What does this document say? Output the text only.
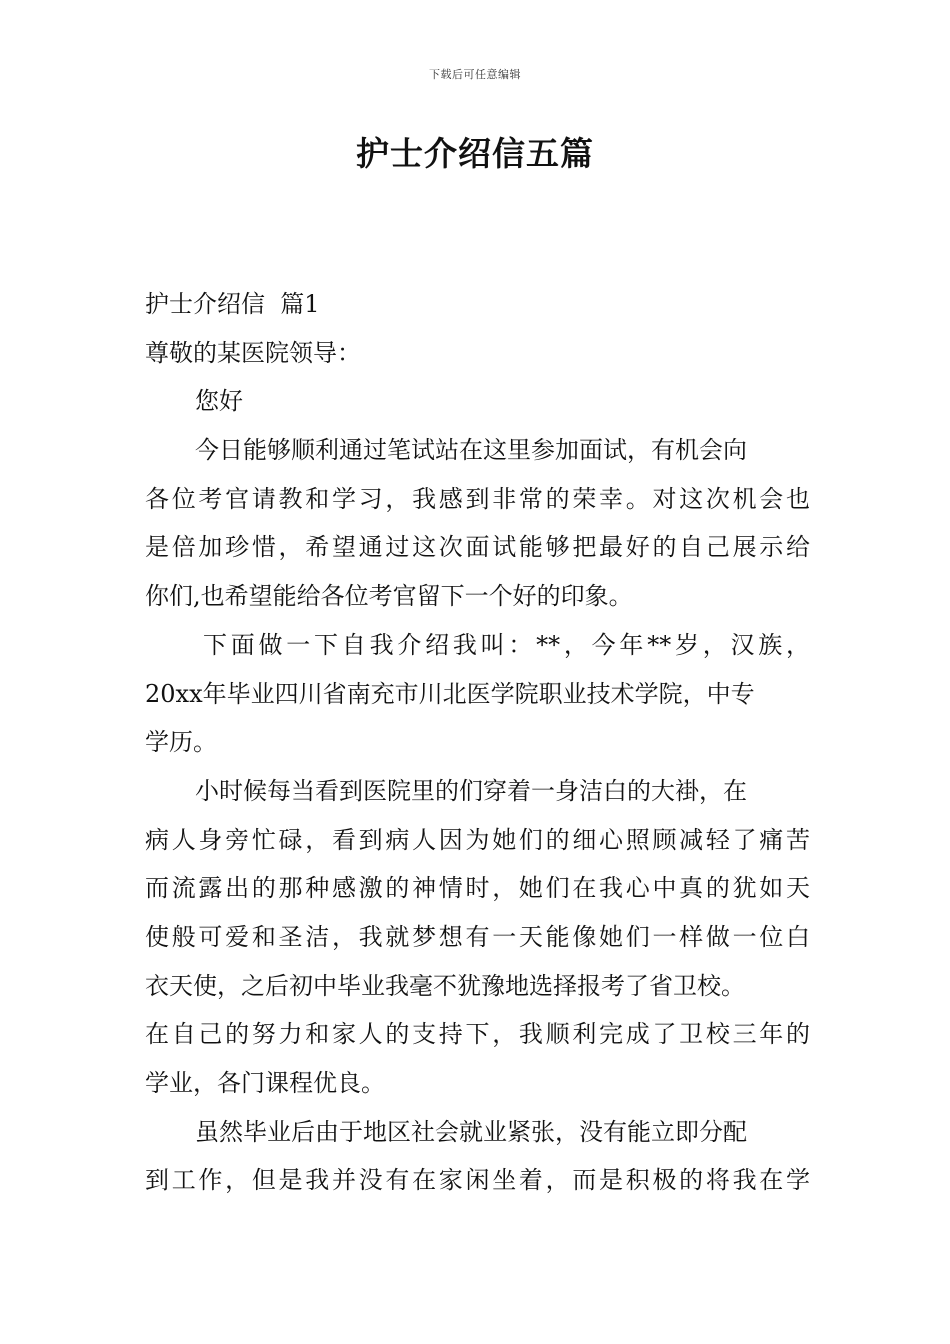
下载后可任意编辑
护士介绍信五篇
护士介绍信  篇1
尊敬的某医院领导：
您好
今日能够顺利通过笔试站在这里参加面试，有机会向
各位考官请教和学习，我感到非常的荣幸。对这次机会也
是倍加珍惜，希望通过这次面试能够把最好的自己展示给
你们,也希望能给各位考官留下一个好的印象。
下面做一下自我介绍我叫：**，今年**岁，汉族，
20xx年毕业四川省南充市川北医学院职业技术学院，中专
学历。
小时候每当看到医院里的们穿着一身洁白的大褂，在
病人身旁忙碌，看到病人因为她们的细心照顾减轻了痛苦
而流露出的那种感激的神情时，她们在我心中真的犹如天
使般可爱和圣洁，我就梦想有一天能像她们一样做一位白
衣天使，之后初中毕业我毫不犹豫地选择报考了省卫校。
在自己的努力和家人的支持下，我顺利完成了卫校三年的
学业，各门课程优良。
虽然毕业后由于地区社会就业紧张，没有能立即分配
到工作，但是我并没有在家闲坐着，而是积极的将我在学
